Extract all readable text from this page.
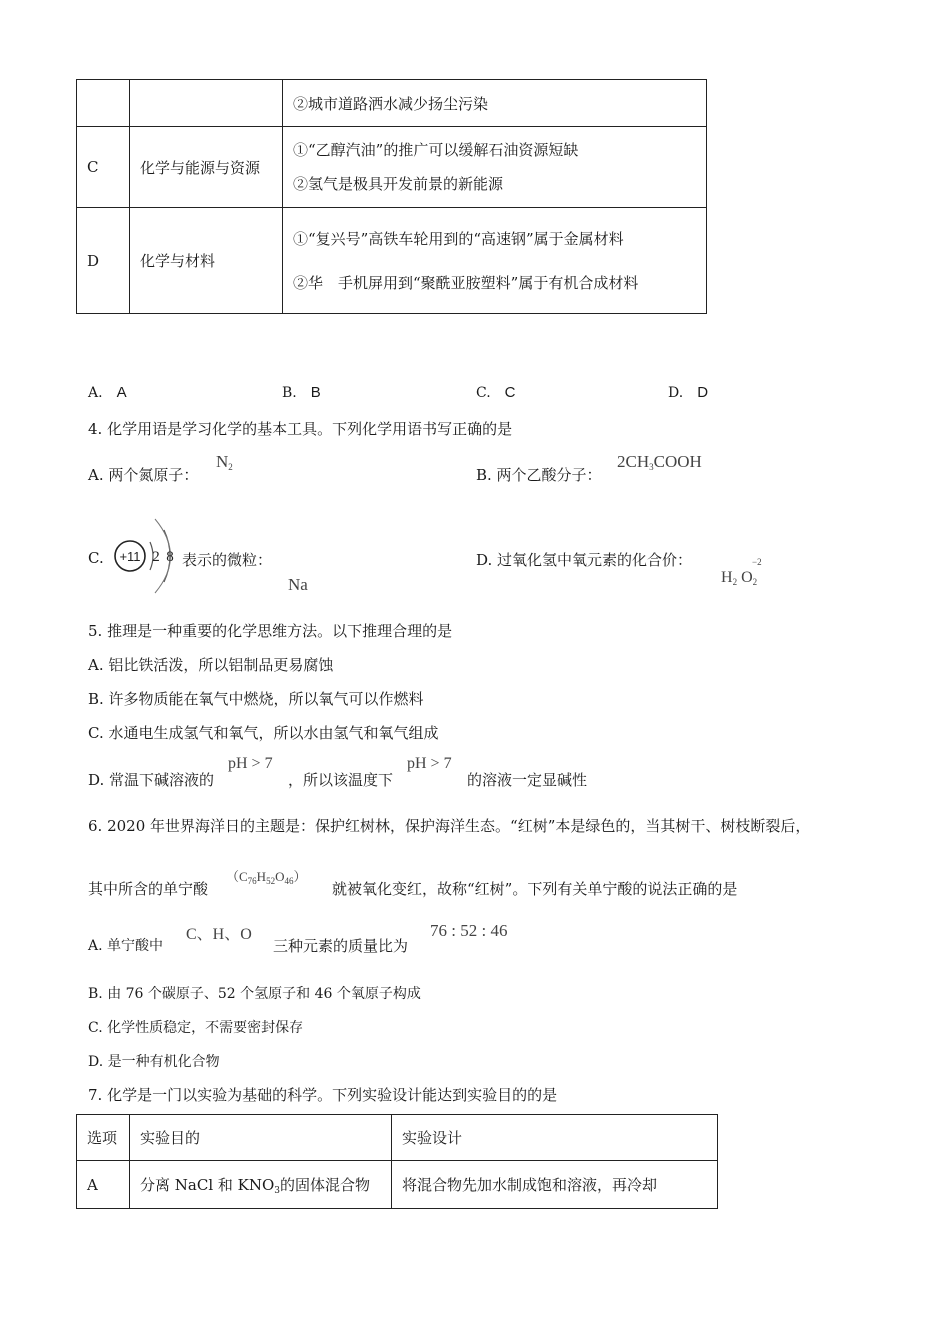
		②城市道路洒水减少扬尘污染
C	化学与能源与资源	①“乙醇汽油”的推广可以缓解石油资源短缺
②氢气是极具开发前景的新能源

D	化学与材料	①“复兴号”高铁车轮用到的“高速钢”属于金属材料
②华　手机屏用到“聚酰亚胺塑料”属于有机合成材料
A. A	B. B	C. C	D. D
4. 化学用语是学习化学的基本工具。下列化学用语书写正确的是
A. 两个氮原子：
$N_2$	B. 两个乙酸分子：
$2CH_3COOH$
C. +11 2 8 表示的微粒：
Na
D. 过氧化氢中氧元素的化合价：	−2
$H_2$ $O_2$
5. 推理是一种重要的化学思维方法。以下推理合理的是
A. 铝比铁活泼，所以铝制品更易腐蚀
B. 许多物质能在氧气中燃烧，所以氧气可以作燃料
C. 水通电生成氢气和氧气，所以水由氢气和氧气组成
D. 常温下碱溶液的
pH > 7
，所以该温度下
pH > 7
的溶液一定显碱性
6. 2020 年世界海洋日的主题是：保护红树林，保护海洋生态。“红树”本是绿色的，当其树干、树枝断裂后，
其中所含的单宁酸
$(C_{76}H_{52}O_{46})$
就被氧化变红，故称“红树”。下列有关单宁酸的说法正确的是
A. 单宁酸中
C、H、O
三种元素的质量比为
76 : 52 : 46
B. 由 76 个碳原子、52 个氢原子和 46 个氧原子构成
C. 化学性质稳定，不需要密封保存
D. 是一种有机化合物
7. 化学是一门以实验为基础的科学。下列实验设计能达到实验目的的是
选项	实验目的	实验设计
A	分离 NaCl 和 $KNO_3$的固体混合物	将混合物先加水制成饱和溶液，再冷却
